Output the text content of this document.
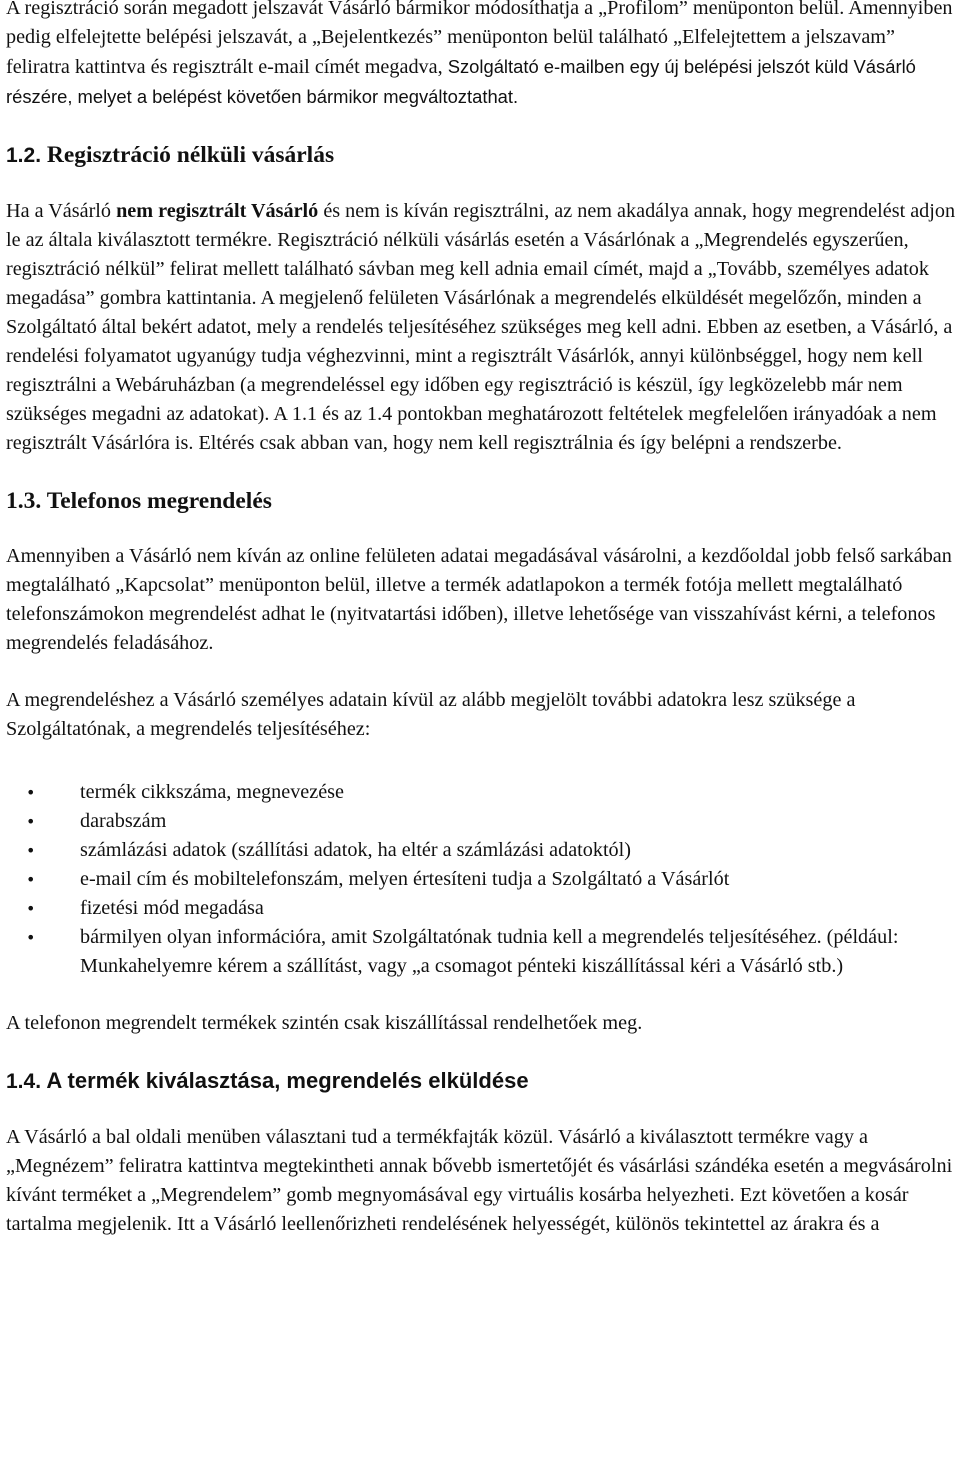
A regisztráció során megadott jelszavát Vásárló bármikor módosíthatja a „Profilom” menüponton belül. Amennyiben pedig elfelejtette belépési jelszavát, a „Bejelentkezés” menüponton belül található „Elfelejtettem a jelszavam” feliratra kattintva és regisztrált e-mail címét megadva, Szolgáltató e-mailben egy új belépési jelszót küld Vásárló részére, melyet a belépést követően bármikor megváltoztathat.

1.2. Regisztráció nélküli vásárlás

Ha a Vásárló nem regisztrált Vásárló és nem is kíván regisztrálni, az nem akadálya annak, hogy megrendelést adjon le az általa kiválasztott termékre. Regisztráció nélküli vásárlás esetén a Vásárlónak a „Megrendelés egyszerűen, regisztráció nélkül” felirat mellett található sávban meg kell adnia email címét, majd a „Tovább, személyes adatok megadása” gombra kattintania. A megjelenő felületen Vásárlónak a megrendelés elküldését megelőzőn, minden a Szolgáltató által bekért adatot, mely a rendelés teljesítéséhez szükséges meg kell adni. Ebben az esetben, a Vásárló, a rendelési folyamatot ugyanúgy tudja véghezvinni, mint a regisztrált Vásárlók, annyi különbséggel, hogy nem kell regisztrálni a Webáruházban (a megrendeléssel egy időben egy regisztráció is készül, így legközelebb már nem szükséges megadni az adatokat). A 1.1 és az 1.4 pontokban meghatározott feltételek megfelelően irányadóak a nem regisztrált Vásárlóra is. Eltérés csak abban van, hogy nem kell regisztrálnia és így belépni a rendszerbe.

1.3. Telefonos megrendelés

Amennyiben a Vásárló nem kíván az online felületen adatai megadásával vásárolni, a kezdőoldal jobb felső sarkában megtalálható „Kapcsolat” menüponton belül, illetve a termék adatlapokon a termék fotója mellett megtalálható telefonszámokon megrendelést adhat le (nyitvatartási időben), illetve lehetősége van visszahívást kérni, a telefonos megrendelés feladásához.

A megrendeléshez a Vásárló személyes adatain kívül az alább megjelölt további adatokra lesz szüksége a Szolgáltatónak, a megrendelés teljesítéséhez:

• termék cikkszáma, megnevezése
• darabszám
• számlázási adatok (szállítási adatok, ha eltér a számlázási adatoktól)
• e-mail cím és mobiltelefonszám, melyen értesíteni tudja a Szolgáltató a Vásárlót
• fizetési mód megadása
• bármilyen olyan információra, amit Szolgáltatónak tudnia kell a megrendelés teljesítéséhez. (például: Munkahelyemre kérem a szállítást, vagy „a csomagot pénteki kiszállítással kéri a Vásárló stb.)

A telefonon megrendelt termékek szintén csak kiszállítással rendelhetőek meg.

1.4. A termék kiválasztása, megrendelés elküldése

A Vásárló a bal oldali menüben választani tud a termékfajták közül. Vásárló a kiválasztott termékre vagy a „Megnézem” feliratra kattintva megtekintheti annak bővebb ismertetőjét és vásárlási szándéka esetén a megvásárolni kívánt terméket a „Megrendelem” gomb megnyomásával egy virtuális kosárba helyezheti. Ezt követően a kosár tartalma megjelenik. Itt a Vásárló leellenőrizheti rendelésének helyességét, különös tekintettel az árakra és a
